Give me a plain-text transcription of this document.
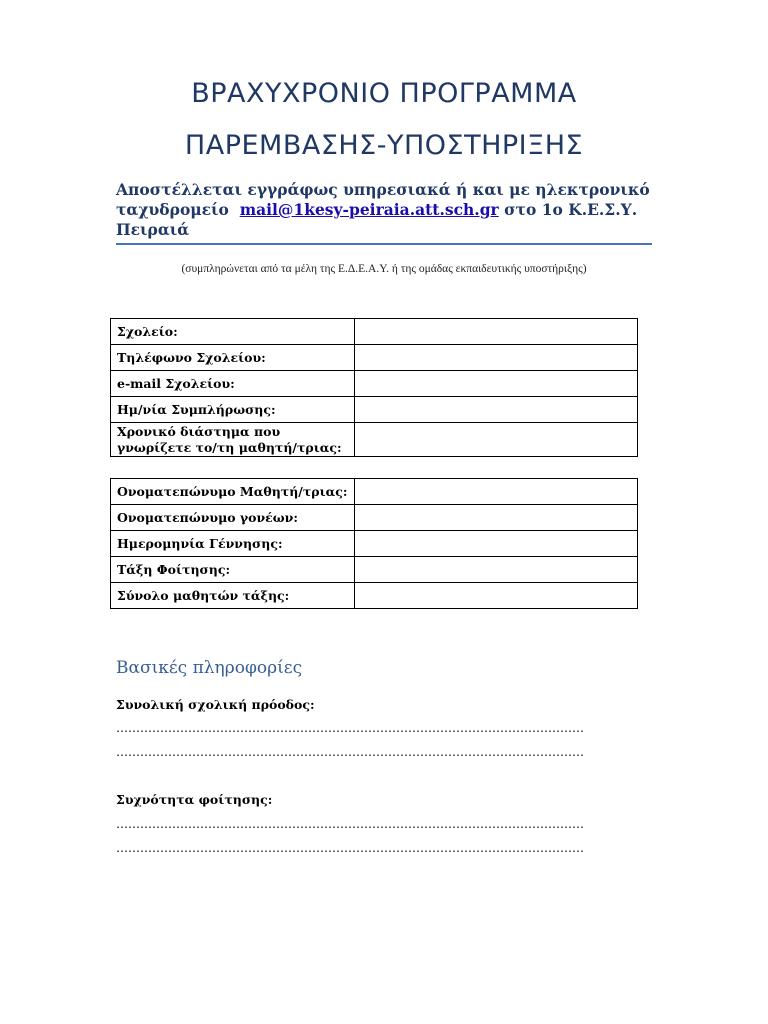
ΒΡΑΧΥΧΡΟΝΙΟ ΠΡΟΓΡΑΜΜΑ
ΠΑΡΕΜΒΑΣΗΣ-ΥΠΟΣΤΗΡΙΞΗΣ
Αποστέλλεται εγγράφως υπηρεσιακά ή και με ηλεκτρονικό
ταχυδρομείο mail@1kesy-peiraia.att.sch.gr στο 1ο Κ.Ε.Σ.Υ.
Πειραιά
(συμπληρώνεται από τα μέλη της Ε.Δ.Ε.Α.Υ. ή της ομάδας εκπαιδευτικής υποστήριξης)
Σχολείο:	
Τηλέφωνο Σχολείου:	
e-mail Σχολείου:	
Ημ/νία Συμπλήρωσης:	
Χρονικό διάστημα που γνωρίζετε το/τη μαθητή/τριας:	
Ονοματεπώνυμο Μαθητή/τριας:	
Ονοματεπώνυμο γονέων:	
Ημερομηνία Γέννησης:	
Τάξη Φοίτησης:	
Σύνολο μαθητών τάξης:	
Βασικές πληροφορίες
Συνολική σχολική πρόοδος:
………………………………………………………………………………………………………
………………………………………………………………………………………………………
Συχνότητα φοίτησης:
………………………………………………………………………………………………………
………………………………………………………………………………………………………
